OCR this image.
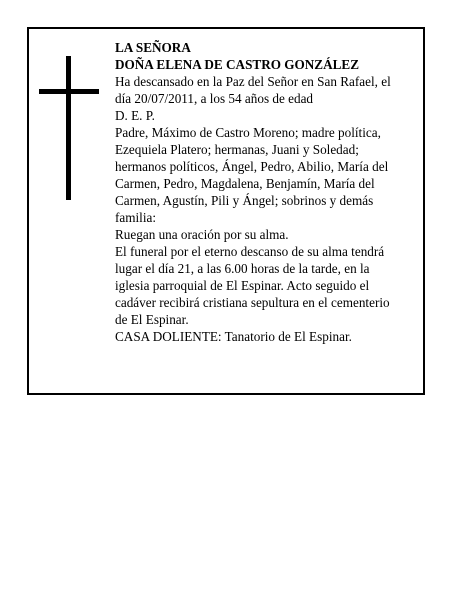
LA SEÑORA

DOÑA ELENA DE CASTRO GONZÁLEZ

Ha descansado en la Paz del Señor en San Rafael, el día 20/07/2011, a los 54 años de edad

D. E. P.

Padre, Máximo de Castro Moreno; madre política, Ezequiela Platero; hermanas, Juani y Soledad; hermanos políticos, Ángel, Pedro, Abilio, María del Carmen, Pedro, Magdalena, Benjamín, María del Carmen, Agustín, Pili y Ángel; sobrinos y demás familia:

Ruegan una oración por su alma.

El funeral por el eterno descanso de su alma tendrá lugar el día 21, a las 6.00 horas de la tarde, en la iglesia parroquial de El Espinar. Acto seguido el cadáver recibirá cristiana sepultura en el cementerio de El Espinar.

CASA DOLIENTE: Tanatorio de El Espinar.
